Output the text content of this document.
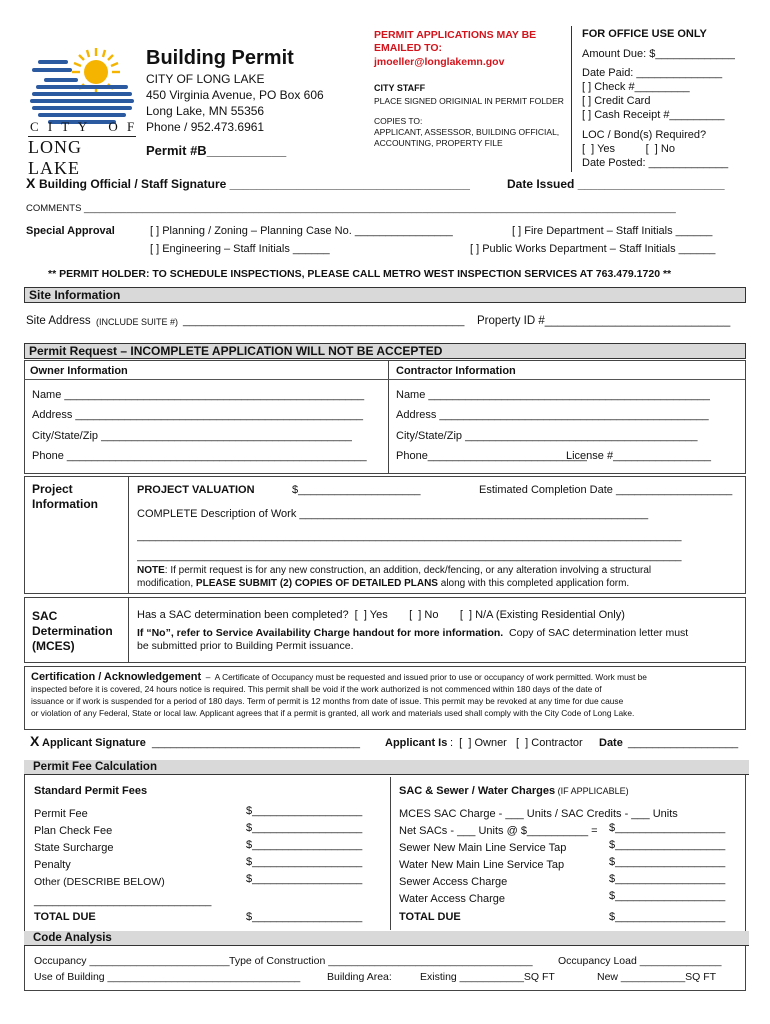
C I T Y   O F
LONG LAKE
Building Permit
CITY OF LONG LAKE
450 Virginia Avenue, PO Box 606
Long Lake, MN 55356
Phone / 952.473.6961
Permit #B___________
PERMIT APPLICATIONS MAY BE EMAILED TO:
jmoeller@longlakemn.gov
CITY STAFF
PLACE SIGNED ORIGINIAL IN PERMIT FOLDER
COPIES TO:
APPLICANT, ASSESSOR, BUILDING OFFICIAL, ACCOUNTING, PROPERTY FILE
FOR OFFICE USE ONLY
Amount Due: $_____________
Date Paid: ______________
[ ] Check #_________
[ ] Credit Card
[ ] Cash Receipt #_________
LOC / Bond(s) Required?
[  ] Yes          [  ] No
Date Posted: _____________
X Building Official / Staff Signature ____________________________________	Date Issued ______________________
COMMENTS ________________________________________________________________________________________________________________
Special Approval	[ ] Planning / Zoning – Planning Case No. ________________
[ ] Engineering – Staff Initials ______
[ ] Fire Department – Staff Initials ______
[ ] Public Works Department – Staff Initials ______
** PERMIT HOLDER: TO SCHEDULE INSPECTIONS, PLEASE CALL METRO WEST INSPECTION SERVICES AT 763.479.1720 **
Site Information
Site Address (INCLUDE SUITE #) ______________________________________________ Property ID #_____________________________
Permit Request – INCOMPLETE APPLICATION WILL NOT BE ACCEPTED
Owner Information	Contractor Information
Name _________________________________________________
Address _______________________________________________
City/State/Zip _________________________________________
Phone _________________________________________________
Name ______________________________________________
Address ____________________________________________
City/State/Zip ______________________________________
Phone__________________________
License #________________
Project
Information
PROJECT VALUATION	$____________________	Estimated Completion Date ___________________
COMPLETE Description of Work _________________________________________________________
_________________________________________________________________________________________
_________________________________________________________________________________________
NOTE: If permit request is for any new construction, an addition, deck/fencing, or any alteration involving a structural
modification, PLEASE SUBMIT (2) COPIES OF DETAILED PLANS along with this completed application form.
SAC
Determination
(MCES)
Has a SAC determination been completed?  [  ] Yes       [  ] No       [  ] N/A (Existing Residential Only)
If “No”, refer to Service Availability Charge handout for more information.  Copy of SAC determination letter must
be submitted prior to Building Permit issuance.
Certification / Acknowledgement  –  A Certificate of Occupancy must be requested and issued prior to use or occupancy of work permitted. Work must be
inspected before it is covered, 24 hours notice is required. This permit shall be void if the work authorized is not commenced within 180 days of the date of
issuance or if work is suspended for a period of 180 days. Term of permit is 12 months from date of issue. This permit may be revoked at any time for due cause
or violation of any Federal, State or local law. Applicant agrees that if a permit is granted, all work and materials used shall comply with the City Code of Long Lake.
X Applicant Signature __________________________________ Applicant Is :  [  ] Owner   [  ] Contractor Date __________________
Permit Fee Calculation
Standard Permit Fees
Permit Fee	$__________________
Plan Check Fee	$__________________
State Surcharge	$__________________
Penalty	$__________________
Other (DESCRIBE BELOW)	$__________________
_____________________________
TOTAL DUE	$__________________
SAC & Sewer / Water Charges (IF APPLICABLE)
MCES SAC Charge - ___ Units / SAC Credits - ___ Units
Net SACs - ___ Units @ $__________ = $__________________
Sewer New Main Line Service Tap	$__________________
Water New Main Line Service Tap	$__________________
Sewer Access Charge	$__________________
Water Access Charge	$__________________
TOTAL DUE	$__________________
Code Analysis
Occupancy ________________________ Type of Construction ___________________________________ Occupancy Load ______________
Use of Building _________________________________	Building Area:	Existing ___________SQ FT	New ___________SQ FT
